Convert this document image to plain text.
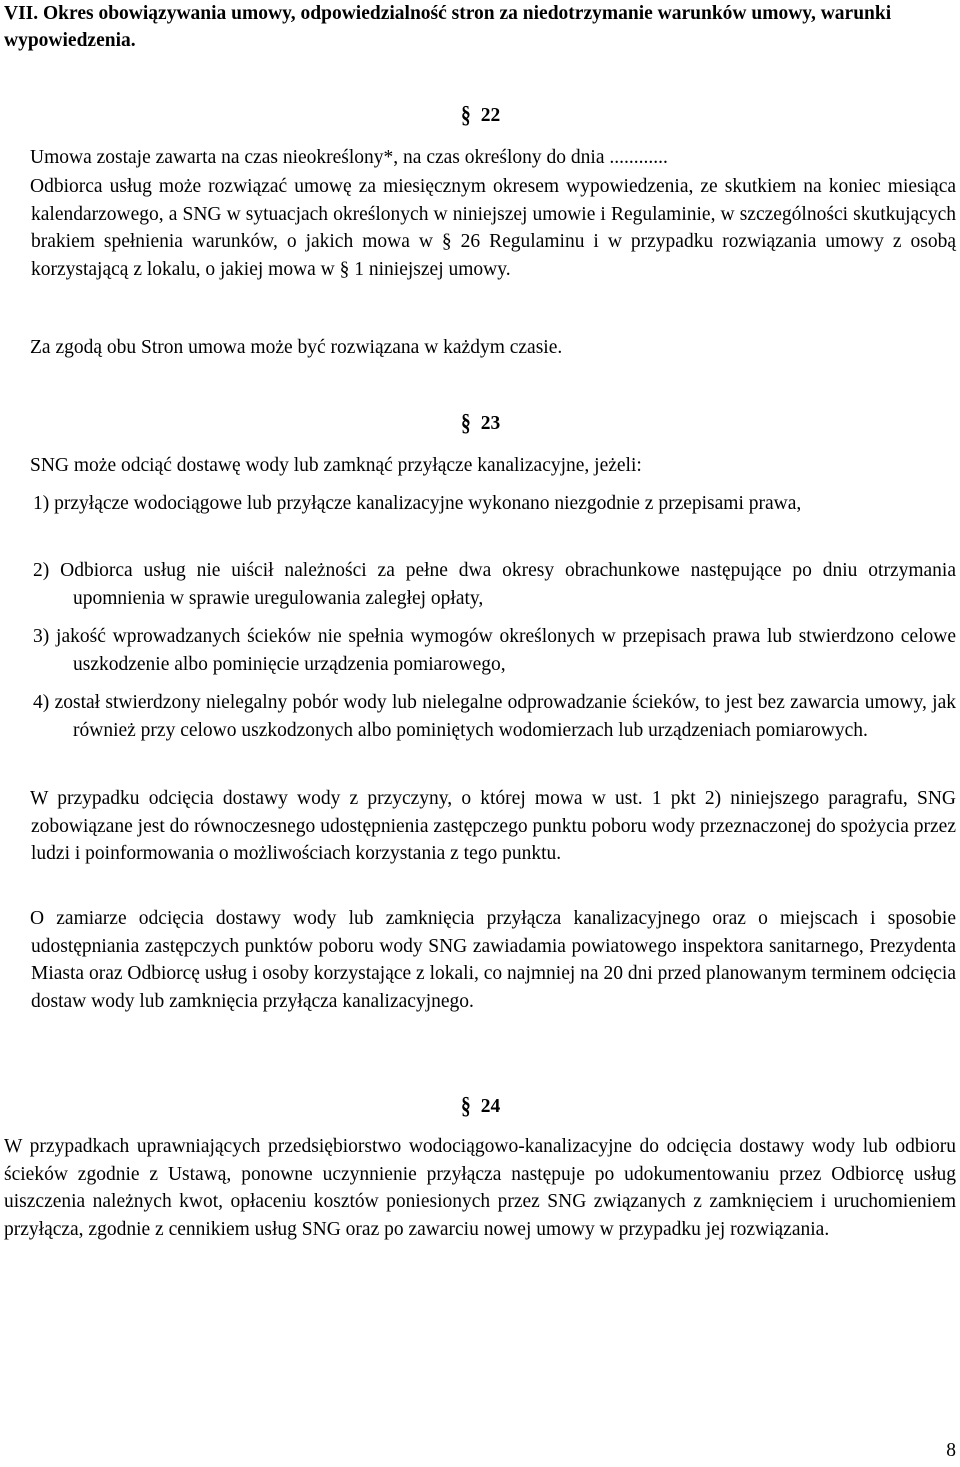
VII. Okres obowiązywania umowy, odpowiedzialność stron za niedotrzymanie warunków umowy, warunki wypowiedzenia.
§ 22
Umowa zostaje zawarta na czas nieokreślony*, na czas określony do dnia ............
Odbiorca usług może rozwiązać umowę za miesięcznym okresem wypowiedzenia, ze skutkiem na koniec miesiąca kalendarzowego, a SNG w sytuacjach określonych w niniejszej umowie i Regulaminie, w szczególności skutkujących brakiem spełnienia warunków, o jakich mowa w § 26 Regulaminu i w przypadku rozwiązania umowy z osobą korzystającą z lokalu, o jakiej mowa w § 1 niniejszej umowy.
Za zgodą obu Stron umowa może być rozwiązana w każdym czasie.
§ 23
SNG może odciąć dostawę wody lub zamknąć przyłącze kanalizacyjne, jeżeli:
1) przyłącze wodociągowe lub przyłącze kanalizacyjne wykonano niezgodnie z przepisami prawa,
2) Odbiorca usług nie uiścił należności za pełne dwa okresy obrachunkowe następujące po dniu otrzymania upomnienia w sprawie uregulowania zaległej opłaty,
3) jakość wprowadzanych ścieków nie spełnia wymogów określonych w przepisach prawa lub stwierdzono celowe uszkodzenie albo pominięcie urządzenia pomiarowego,
4) został stwierdzony nielegalny pobór wody lub nielegalne odprowadzanie ścieków, to jest bez zawarcia umowy, jak również przy celowo uszkodzonych albo pominiętych wodomierzach lub urządzeniach pomiarowych.
W przypadku odcięcia dostawy wody z przyczyny, o której mowa w ust. 1 pkt 2) niniejszego paragrafu, SNG zobowiązane jest do równoczesnego udostępnienia zastępczego punktu poboru wody przeznaczonej do spożycia przez ludzi i poinformowania o możliwościach korzystania z tego punktu.
O zamiarze odcięcia dostawy wody lub zamknięcia przyłącza kanalizacyjnego oraz o miejscach i sposobie udostępniania zastępczych punktów poboru wody SNG zawiadamia powiatowego inspektora sanitarnego, Prezydenta Miasta oraz Odbiorcę usług i osoby korzystające z lokali, co najmniej na 20 dni przed planowanym terminem odcięcia dostaw wody lub zamknięcia przyłącza kanalizacyjnego.
§ 24
W przypadkach uprawniających przedsiębiorstwo wodociągowo-kanalizacyjne do odcięcia dostawy wody lub odbioru ścieków zgodnie z Ustawą, ponowne uczynnienie przyłącza następuje po udokumentowaniu przez Odbiorcę usług uiszczenia należnych kwot, opłaceniu kosztów poniesionych przez SNG związanych z zamknięciem i uruchomieniem przyłącza, zgodnie z cennikiem usług SNG oraz po zawarciu nowej umowy w przypadku jej rozwiązania.
8
